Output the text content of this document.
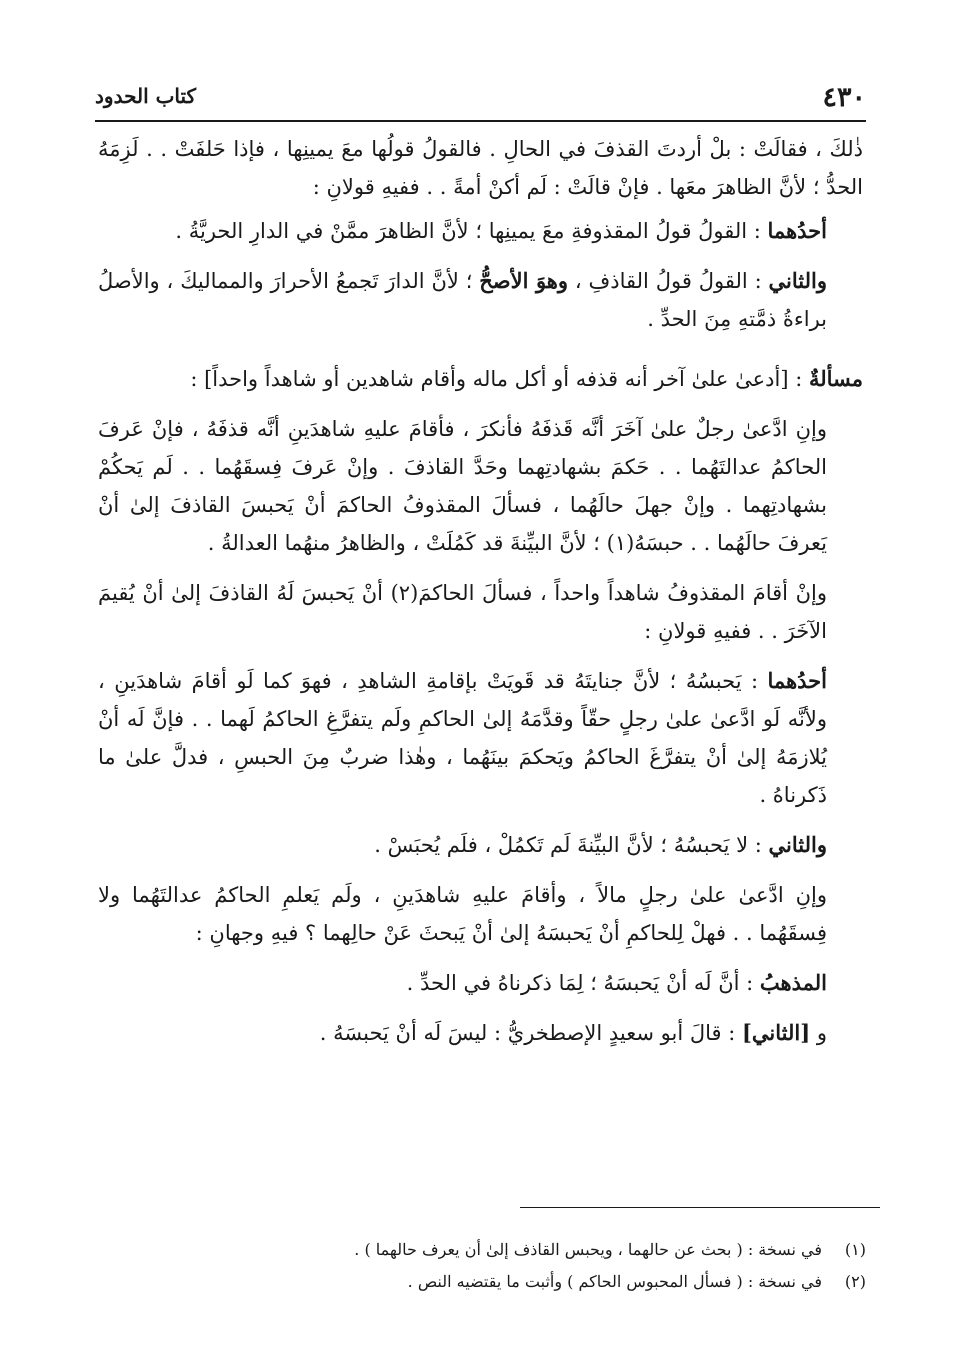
٤٣٠
كتاب الحدود

ذٰلكَ ، فقالَتْ : بلْ أردتَ القذفَ في الحالِ . فالقولُ قولُها معَ يمينِها ، فإذا حَلفَتْ . . لَزِمَهُ الحدُّ ؛ لأنَّ الظاهرَ معَها . فإنْ قالَتْ : لَم أكنْ أمةً . . ففيهِ قولانِ :

أحدُهما : القولُ قولُ المقذوفةِ معَ يمينِها ؛ لأنَّ الظاهرَ ممَّنْ في الدارِ الحريَّةُ .

والثاني : القولُ قولُ القاذفِ ، وهوَ الأصحُّ ؛ لأنَّ الدارَ تَجمعُ الأحرارَ والمماليكَ ، والأصلُ براءةُ ذمَّتهِ مِنَ الحدِّ .

مسألةٌ : [أدعىٰ علىٰ آخر أنه قذفه أو أكل ماله وأقام شاهدين أو شاهداً واحداً] :

وإنِ ادَّعىٰ رجلٌ علىٰ آخَرَ أنَّه قَذفَهُ فأنكرَ ، فأقامَ عليهِ شاهدَينِ أنَّه قذفَهُ ، فإنْ عَرفَ الحاكمُ عدالتَهُما . . حَكمَ بشهادتِهما وحَدَّ القاذفَ . وإنْ عَرفَ فِسقَهُما . . لَم يَحكُمْ بشهادتِهما . وإنْ جهلَ حالَهُما ، فسألَ المقذوفُ الحاكمَ أنْ يَحبسَ القاذفَ إلىٰ أنْ يَعرفَ حالَهُما . . حبسَهُ(١) ؛ لأنَّ البيِّنةَ قد كَمُلَتْ ، والظاهرُ منهُما العدالةُ .

وإنْ أقامَ المقذوفُ شاهداً واحداً ، فسألَ الحاكمَ(٢) أنْ يَحبسَ لَهُ القاذفَ إلىٰ أنْ يُقيمَ الآخَرَ . . ففيهِ قولانِ :

أحدُهما : يَحبسُهُ ؛ لأنَّ جنايتَهُ قد قَويَتْ بإقامةِ الشاهدِ ، فهوَ كما لَو أقامَ شاهدَينِ ، ولأنَّه لَو ادَّعىٰ علىٰ رجلٍ حقّاً وقدَّمَهُ إلىٰ الحاكمِ ولَم يتفرَّغِ الحاكمُ لَهما . . فإنَّ لَه أنْ يُلازمَهُ إلىٰ أنْ يتفرَّغَ الحاكمُ ويَحكمَ بينَهُما ، وهٰذا ضربٌ مِنَ الحبسِ ، فدلَّ علىٰ ما ذَكرناهُ .

والثاني : لا يَحبسُهُ ؛ لأنَّ البيِّنةَ لَم تَكمُلْ ، فلَم يُحبَسْ .

وإنِ ادَّعىٰ علىٰ رجلٍ مالاً ، وأقامَ عليهِ شاهدَينِ ، ولَم يَعلمِ الحاكمُ عدالتَهُما ولا فِسقَهُما . . فهلْ لِلحاكمِ أنْ يَحبسَهُ إلىٰ أنْ يَبحثَ عَنْ حالِهما ؟ فيهِ وجهانِ :

المذهبُ : أنَّ لَه أنْ يَحبسَهُ ؛ لِمَا ذكرناهُ في الحدِّ .

و [الثاني] : قالَ أبو سعيدٍ الإصطخريُّ : ليسَ لَه أنْ يَحبسَهُ .

(١)
في نسخة : ( بحث عن حالهما ، ويحبس القاذف إلىٰ أن يعرف حالهما ) .
(٢)
في نسخة : ( فسأل المحبوس الحاكم ) وأثبت ما يقتضيه النص .
